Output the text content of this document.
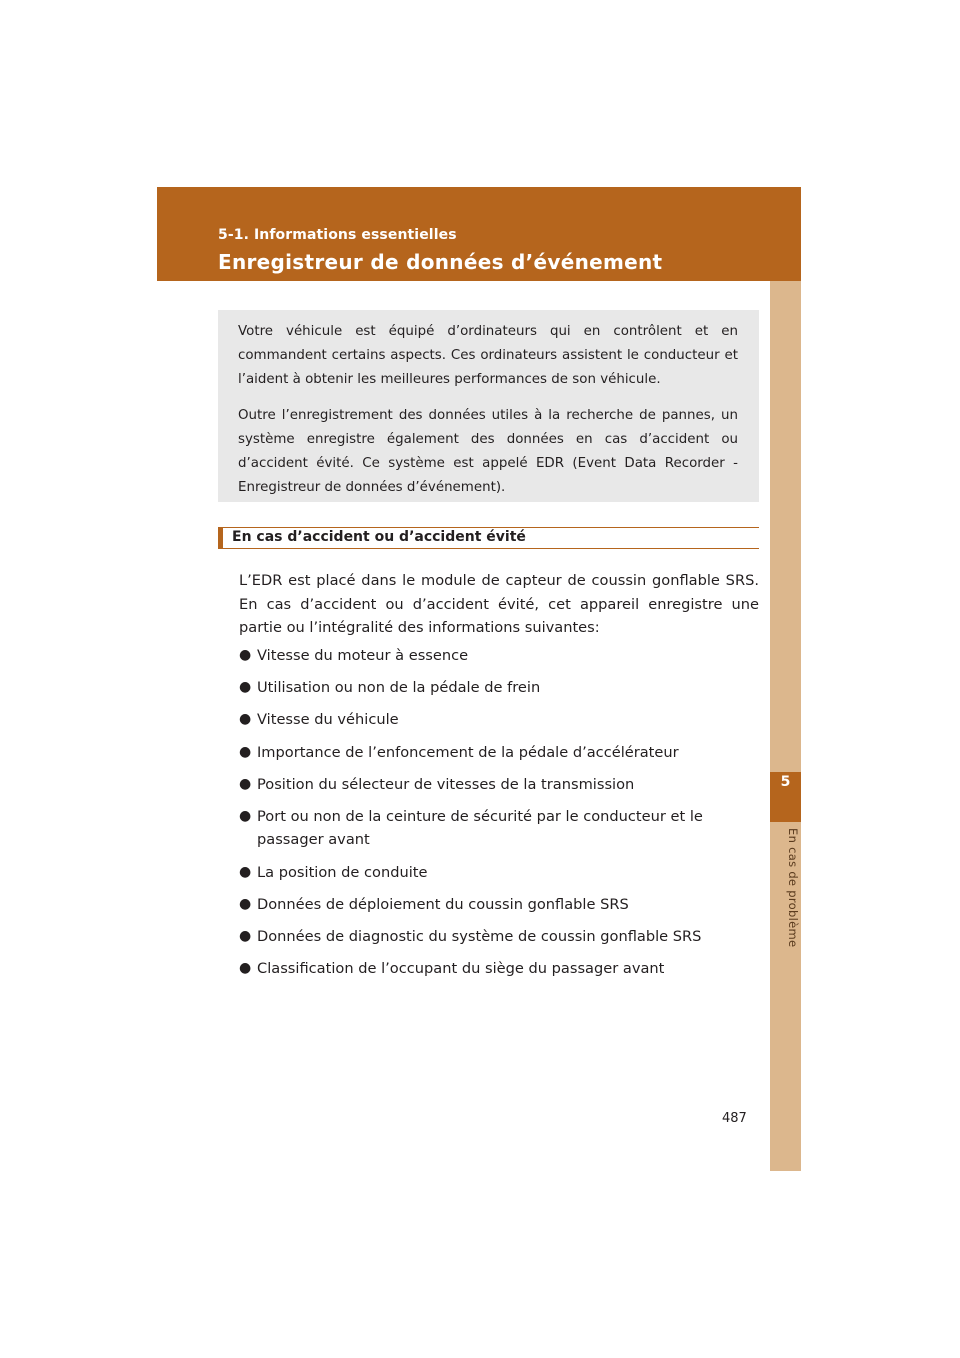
5-1. Informations essentielles
Enregistreur de données d’événement
5
En cas de problème

Votre véhicule est équipé d’ordinateurs qui en contrôlent et en commandent certains aspects. Ces ordinateurs assistent le conducteur et l’aident à obtenir les meilleures performances de son véhicule.

Outre l’enregistrement des données utiles à la recherche de pannes, un système enregistre également des données en cas d’accident ou d’accident évité. Ce système est appelé EDR (Event Data Recorder - Enregistreur de données d’événement).

En cas d’accident ou d’accident évité

L’EDR est placé dans le module de capteur de coussin gonflable SRS. En cas d’accident ou d’accident évité, cet appareil enregistre une partie ou l’intégralité des informations suivantes:

● Vitesse du moteur à essence
● Utilisation ou non de la pédale de frein
● Vitesse du véhicule
● Importance de l’enfoncement de la pédale d’accélérateur
● Position du sélecteur de vitesses de la transmission
● Port ou non de la ceinture de sécurité par le conducteur et le passager avant
● La position de conduite
● Données de déploiement du coussin gonflable SRS
● Données de diagnostic du système de coussin gonflable SRS
● Classification de l’occupant du siège du passager avant
487
